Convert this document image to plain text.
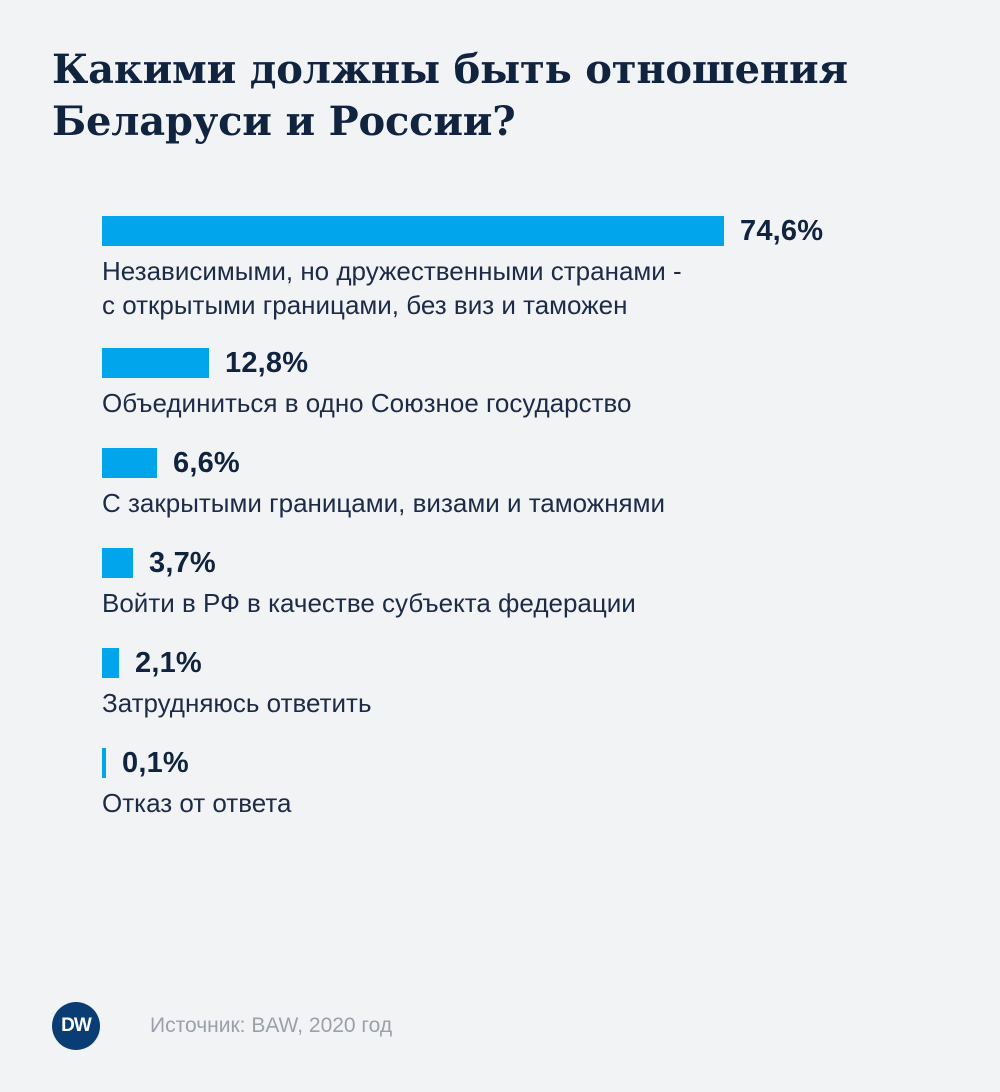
Какими должны быть отношения
Беларуси и России?
74,6%
Независимыми, но дружественными странами -
с открытыми границами, без виз и таможен
12,8%
Объединиться в одно Союзное государство
6,6%
С закрытыми границами, визами и таможнями
3,7%
Войти в РФ в качестве субъекта федерации
2,1%
Затрудняюсь ответить
0,1%
Отказ от ответа
DW	Источник: BAW, 2020 год
